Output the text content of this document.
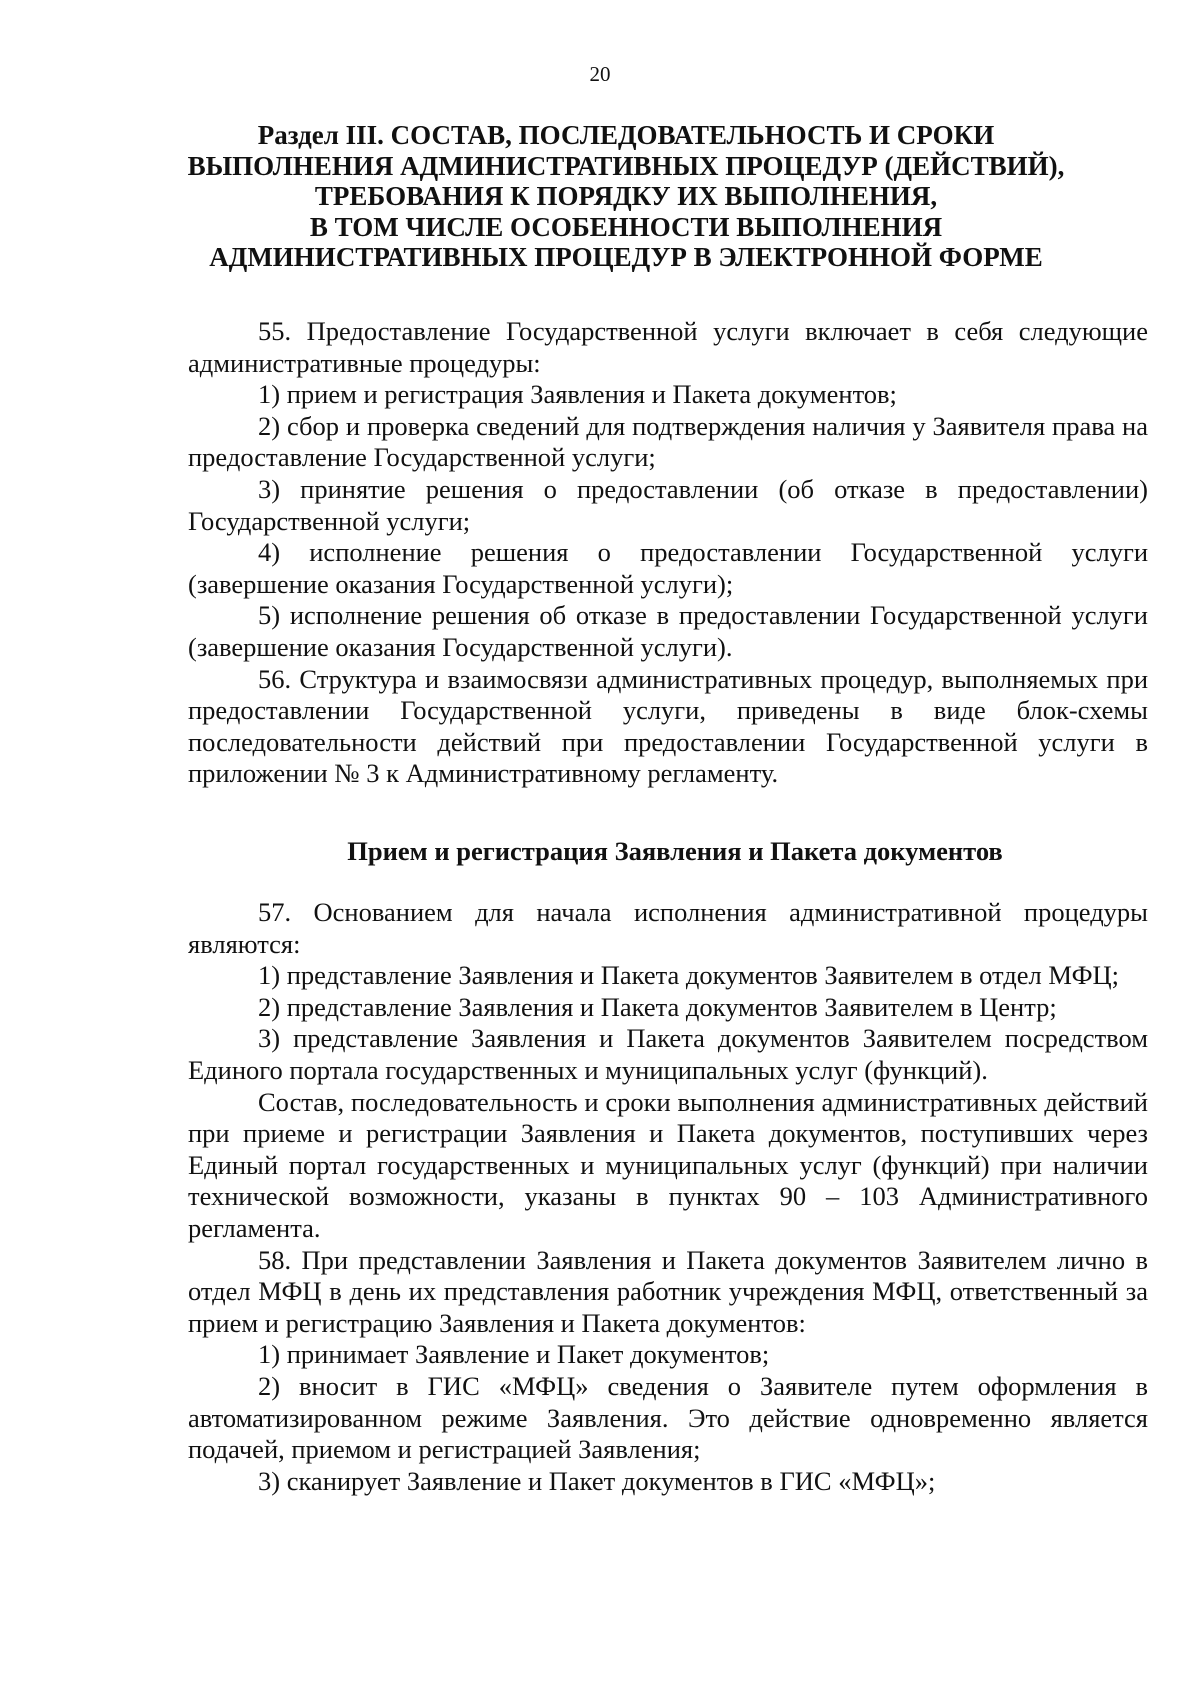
20
Раздел III. СОСТАВ, ПОСЛЕДОВАТЕЛЬНОСТЬ И СРОКИ
ВЫПОЛНЕНИЯ АДМИНИСТРАТИВНЫХ ПРОЦЕДУР (ДЕЙСТВИЙ),
ТРЕБОВАНИЯ К ПОРЯДКУ ИХ ВЫПОЛНЕНИЯ,
В ТОМ ЧИСЛЕ ОСОБЕННОСТИ ВЫПОЛНЕНИЯ
АДМИНИСТРАТИВНЫХ ПРОЦЕДУР В ЭЛЕКТРОННОЙ ФОРМЕ

55. Предоставление Государственной услуги включает в себя следующие административные процедуры:

1) прием и регистрация Заявления и Пакета документов;

2) сбор и проверка сведений для подтверждения наличия у Заявителя права на предоставление Государственной услуги;

3) принятие решения о предоставлении (об отказе в предоставлении) Государственной услуги;

4) исполнение решения о предоставлении Государственной услуги (завершение оказания Государственной услуги);

5) исполнение решения об отказе в предоставлении Государственной услуги (завершение оказания Государственной услуги).

56. Структура и взаимосвязи административных процедур, выполняемых при предоставлении Государственной услуги, приведены в виде блок-схемы последовательности действий при предоставлении Государственной услуги в приложении № 3 к Административному регламенту.

Прием и регистрация Заявления и Пакета документов

57. Основанием для начала исполнения административной процедуры являются:

1) представление Заявления и Пакета документов Заявителем в отдел МФЦ;

2) представление Заявления и Пакета документов Заявителем в Центр;

3) представление Заявления и Пакета документов Заявителем посредством Единого портала государственных и муниципальных услуг (функций).

Состав, последовательность и сроки выполнения административных действий при приеме и регистрации Заявления и Пакета документов, поступивших через Единый портал государственных и муниципальных услуг (функций) при наличии технической возможности, указаны в пунктах 90 – 103 Административного регламента.

58. При представлении Заявления и Пакета документов Заявителем лично в отдел МФЦ в день их представления работник учреждения МФЦ, ответственный за прием и регистрацию Заявления и Пакета документов:

1) принимает Заявление и Пакет документов;

2) вносит в ГИС «МФЦ» сведения о Заявителе путем оформления в автоматизированном режиме Заявления. Это действие одновременно является подачей, приемом и регистрацией Заявления;

3) сканирует Заявление и Пакет документов в ГИС «МФЦ»;
